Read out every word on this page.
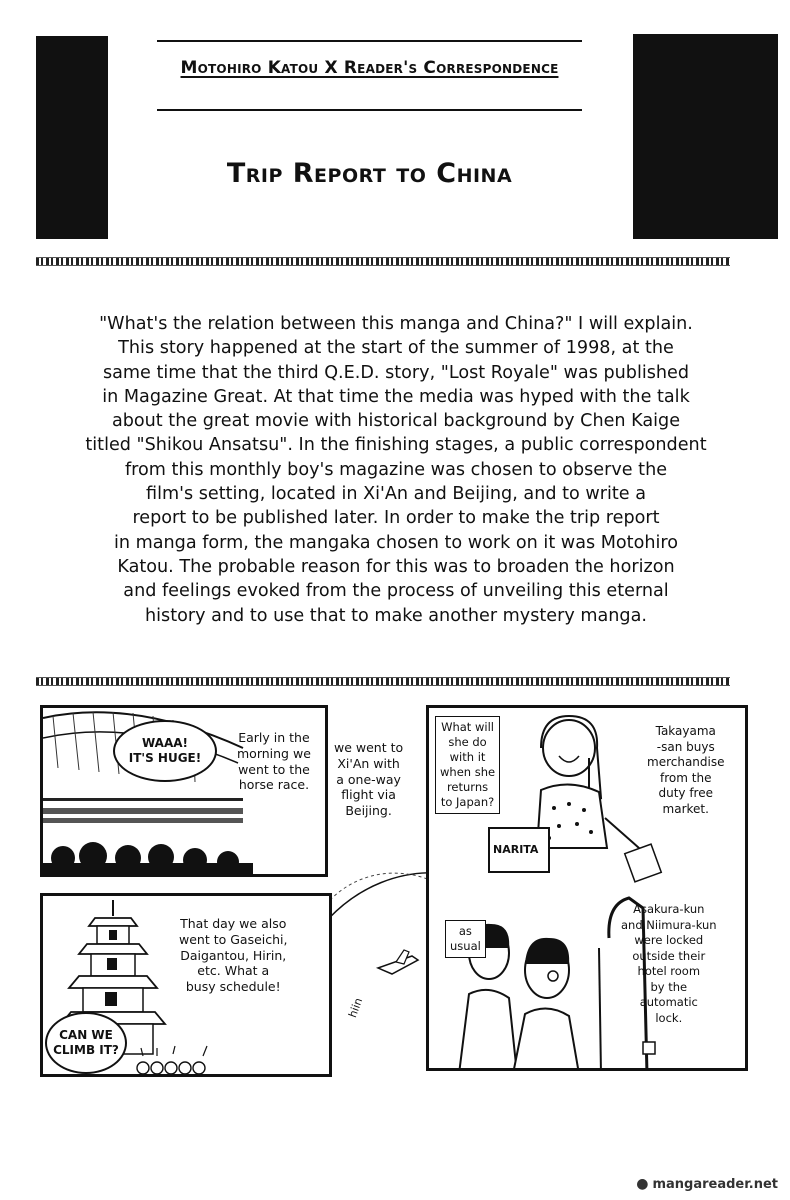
Motohiro Katou X Reader's Correspondence
Trip Report to China

"What's the relation between this manga and China?" I will explain.
This story happened at the start of the summer of 1998, at the
same time that the third Q.E.D. story, "Lost Royale" was published
in Magazine Great. At that time the media was hyped with the talk
about the great movie with historical background by Chen Kaige
titled "Shikou Ansatsu". In the finishing stages, a public correspondent
from this monthly boy's magazine was chosen to observe the
film's setting, located in Xi'An and Beijing, and to write a
report to be published later. In order to make the trip report
in manga form, the mangaka chosen to work on it was Motohiro
Katou. The probable reason for this was to broaden the horizon
and feelings evoked from the process of unveiling this eternal
history and to use that to make another mystery manga.

hiin
we went to
Xi'An with
a one-way
flight via
Beijing.
WAAA!
IT'S HUGE!
Early in the
morning we
went to the
horse race.
What will
she do
with it
when she
returns
to Japan?
NARITA
Takayama
-san buys
merchandise
from the
duty free
market.
as
usual
Asakura-kun
and Niimura-kun
were locked
outside their
hotel room
by the
automatic
lock.
CAN WE
CLIMB IT?
That day we also
went to Gaseichi,
Daigantou, Hirin,
etc. What a
busy schedule!
● mangareader.net
